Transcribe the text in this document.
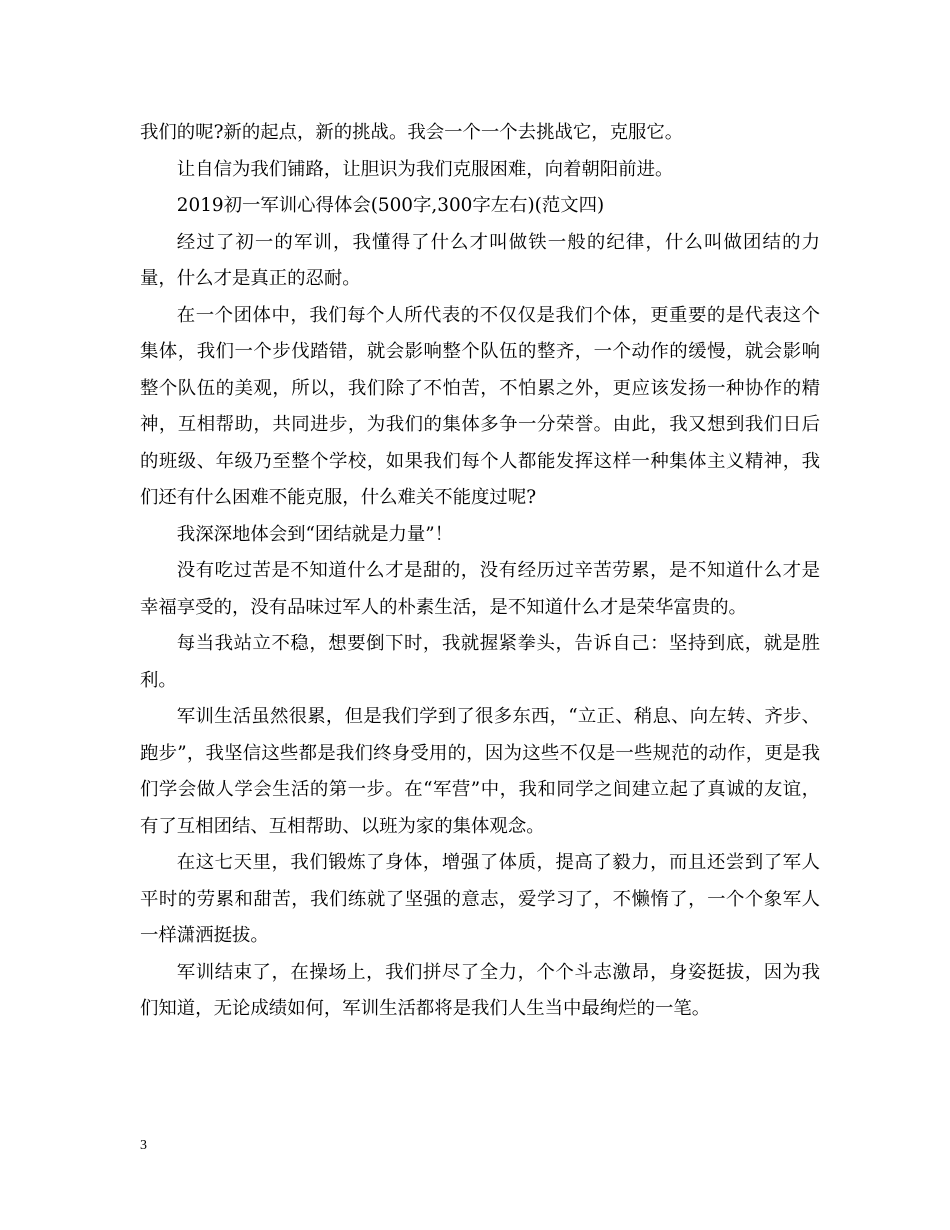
我们的呢?新的起点，新的挑战。我会一个一个去挑战它，克服它。

让自信为我们铺路，让胆识为我们克服困难，向着朝阳前进。

2019初一军训心得体会(500字,300字左右)(范文四)

经过了初一的军训，我懂得了什么才叫做铁一般的纪律，什么叫做团结的力量，什么才是真正的忍耐。

在一个团体中，我们每个人所代表的不仅仅是我们个体，更重要的是代表这个集体，我们一个步伐踏错，就会影响整个队伍的整齐，一个动作的缓慢，就会影响整个队伍的美观，所以，我们除了不怕苦，不怕累之外，更应该发扬一种协作的精神，互相帮助，共同进步，为我们的集体多争一分荣誉。由此，我又想到我们日后的班级、年级乃至整个学校，如果我们每个人都能发挥这样一种集体主义精神，我们还有什么困难不能克服，什么难关不能度过呢?

我深深地体会到“团结就是力量”！

没有吃过苦是不知道什么才是甜的，没有经历过辛苦劳累，是不知道什么才是幸福享受的，没有品味过军人的朴素生活，是不知道什么才是荣华富贵的。

每当我站立不稳，想要倒下时，我就握紧拳头，告诉自己：坚持到底，就是胜利。

军训生活虽然很累，但是我们学到了很多东西，“立正、稍息、向左转、齐步、跑步”，我坚信这些都是我们终身受用的，因为这些不仅是一些规范的动作，更是我们学会做人学会生活的第一步。在“军营”中，我和同学之间建立起了真诚的友谊，有了互相团结、互相帮助、以班为家的集体观念。

在这七天里，我们锻炼了身体，增强了体质，提高了毅力，而且还尝到了军人平时的劳累和甜苦，我们练就了坚强的意志，爱学习了，不懒惰了，一个个象军人一样潇洒挺拔。

军训结束了，在操场上，我们拼尽了全力，个个斗志激昂，身姿挺拔，因为我们知道，无论成绩如何，军训生活都将是我们人生当中最绚烂的一笔。

3
